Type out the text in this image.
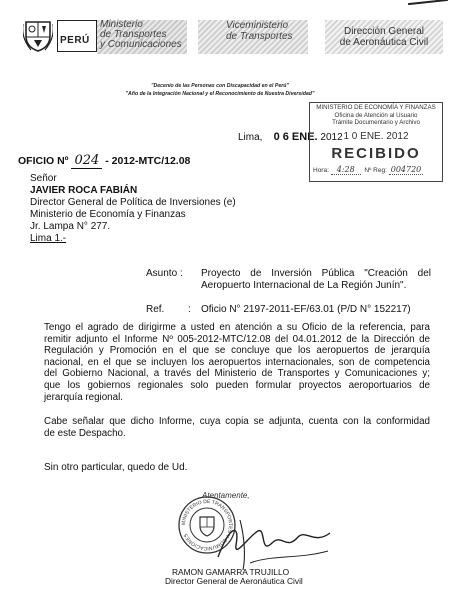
PERÚ
Ministerio
de Transportes
y Comunicaciones
Viceministerio
de Transportes	Dirección General
de Aeronáutica Civil
"Decenio de las Personas con Discapacidad en el Perú"
"Año de la Integración Nacional y el Reconocimiento de Nuestra Diversidad"
Lima, 0 6 ENE. 2012
MINISTERIO DE ECONOMÍA Y FINANZAS
Oficina de Atención al Usuario
Trámite Documentario y Archivo
1 0 ENE. 2012
RECIBIDO
Hora: 4:28 Nº Reg: 004720
OFICIO Nº 024 - 2012-MTC/12.08
Señor
JAVIER ROCA FABIÁN
Director General de Política de Inversiones (e)
Ministerio de Economía y Finanzas
Jr. Lampa N° 277.
Lima 1.-
Asunto : Proyecto de Inversión Pública "Creación del
Aeropuerto Internacional de La Región Junín".
Ref. : Oficio N° 2197-2011-EF/63.01 (P/D N° 152217)
Tengo el agrado de dirigirme a usted en atención a su Oficio de la referencia, para
remitir adjunto el Informe Nº 005-2012-MTC/12.08 del 04.01.2012 de la Dirección de
Regulación y Promoción en el que se concluye que los aeropuertos de jerarquía
nacional, en el que se incluyen los aeropuertos internacionales, son de competencia
del Gobierno Nacional, a través del Ministerio de Transportes y Comunicaciones y;
que los gobiernos regionales solo pueden formular proyectos aeroportuarios de
jerarquía regional.
Cabe señalar que dicho Informe, cuya copia se adjunta, cuenta con la conformidad
de este Despacho.
Sin otro particular, quedo de Ud.
Atentamente,
MINISTERIO DE TRANSPORTES Y COMUNICACIONES
RAMON GAMARRA TRUJILLO
Director General de Aeronáutica Civil
